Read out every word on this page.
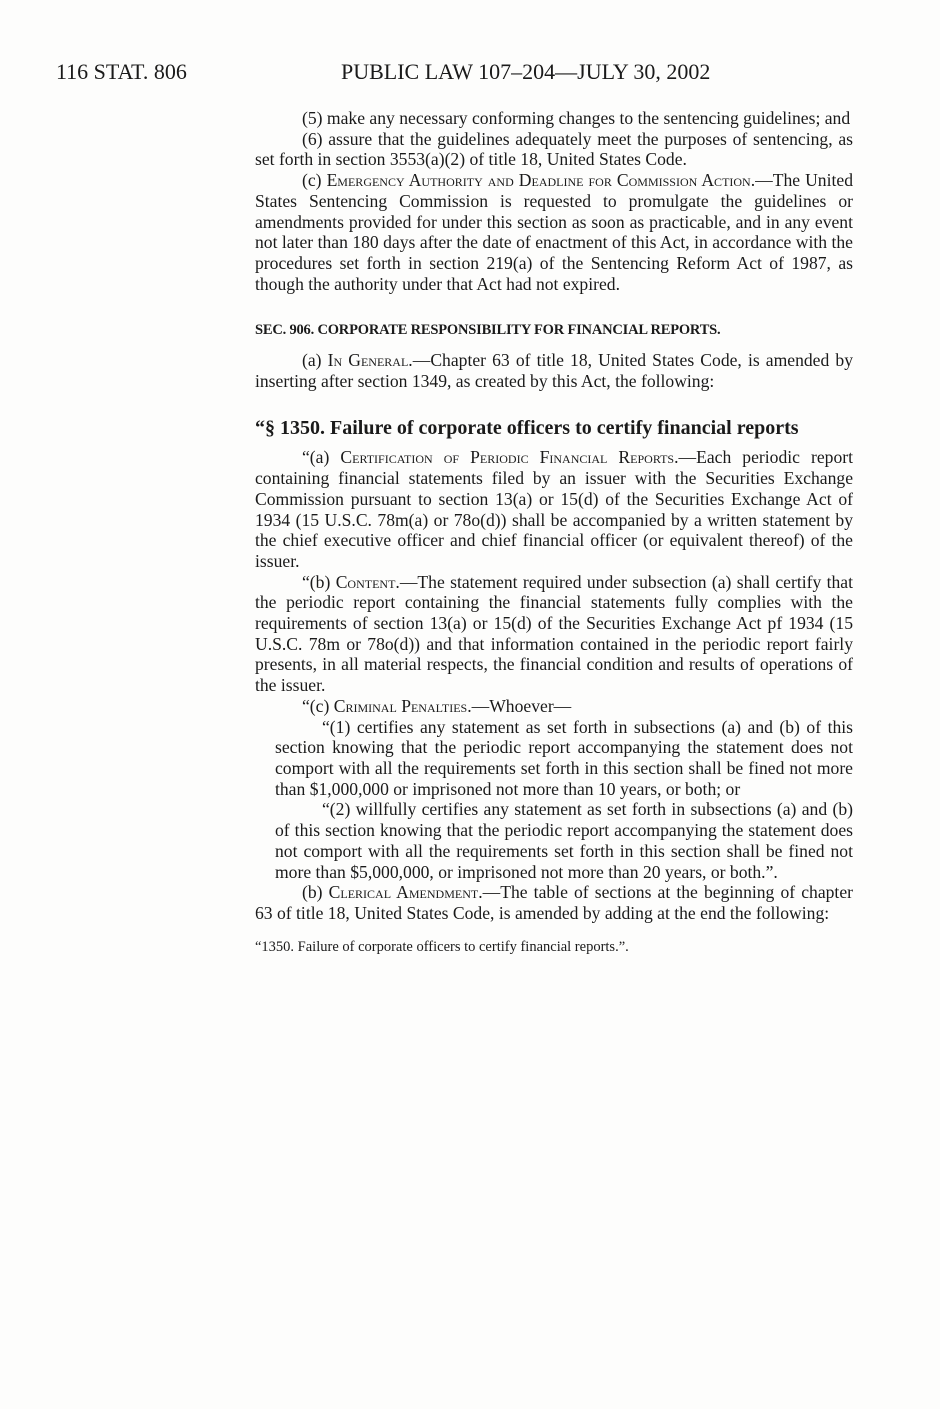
116 STAT. 806	PUBLIC LAW 107–204—JULY 30, 2002

(5) make any necessary conforming changes to the sentencing guidelines; and

(6) assure that the guidelines adequately meet the purposes of sentencing, as set forth in section 3553(a)(2) of title 18, United States Code.

(c) Emergency Authority and Deadline for Commission Action.—The United States Sentencing Commission is requested to promulgate the guidelines or amendments provided for under this section as soon as practicable, and in any event not later than 180 days after the date of enactment of this Act, in accordance with the procedures set forth in section 219(a) of the Sentencing Reform Act of 1987, as though the authority under that Act had not expired.

SEC. 906. CORPORATE RESPONSIBILITY FOR FINANCIAL REPORTS.

(a) In General.—Chapter 63 of title 18, United States Code, is amended by inserting after section 1349, as created by this Act, the following:

“§ 1350. Failure of corporate officers to certify financial reports

“(a) Certification of Periodic Financial Reports.—Each periodic report containing financial statements filed by an issuer with the Securities Exchange Commission pursuant to section 13(a) or 15(d) of the Securities Exchange Act of 1934 (15 U.S.C. 78m(a) or 78o(d)) shall be accompanied by a written statement by the chief executive officer and chief financial officer (or equivalent thereof) of the issuer.

“(b) Content.—The statement required under subsection (a) shall certify that the periodic report containing the financial statements fully complies with the requirements of section 13(a) or 15(d) of the Securities Exchange Act pf 1934 (15 U.S.C. 78m or 78o(d)) and that information contained in the periodic report fairly presents, in all material respects, the financial condition and results of operations of the issuer.

“(c) Criminal Penalties.—Whoever—

“(1) certifies any statement as set forth in subsections (a) and (b) of this section knowing that the periodic report accompanying the statement does not comport with all the requirements set forth in this section shall be fined not more than $1,000,000 or imprisoned not more than 10 years, or both; or

“(2) willfully certifies any statement as set forth in subsections (a) and (b) of this section knowing that the periodic report accompanying the statement does not comport with all the requirements set forth in this section shall be fined not more than $5,000,000, or imprisoned not more than 20 years, or both.”.

(b) Clerical Amendment.—The table of sections at the beginning of chapter 63 of title 18, United States Code, is amended by adding at the end the following:

“1350. Failure of corporate officers to certify financial reports.”.
